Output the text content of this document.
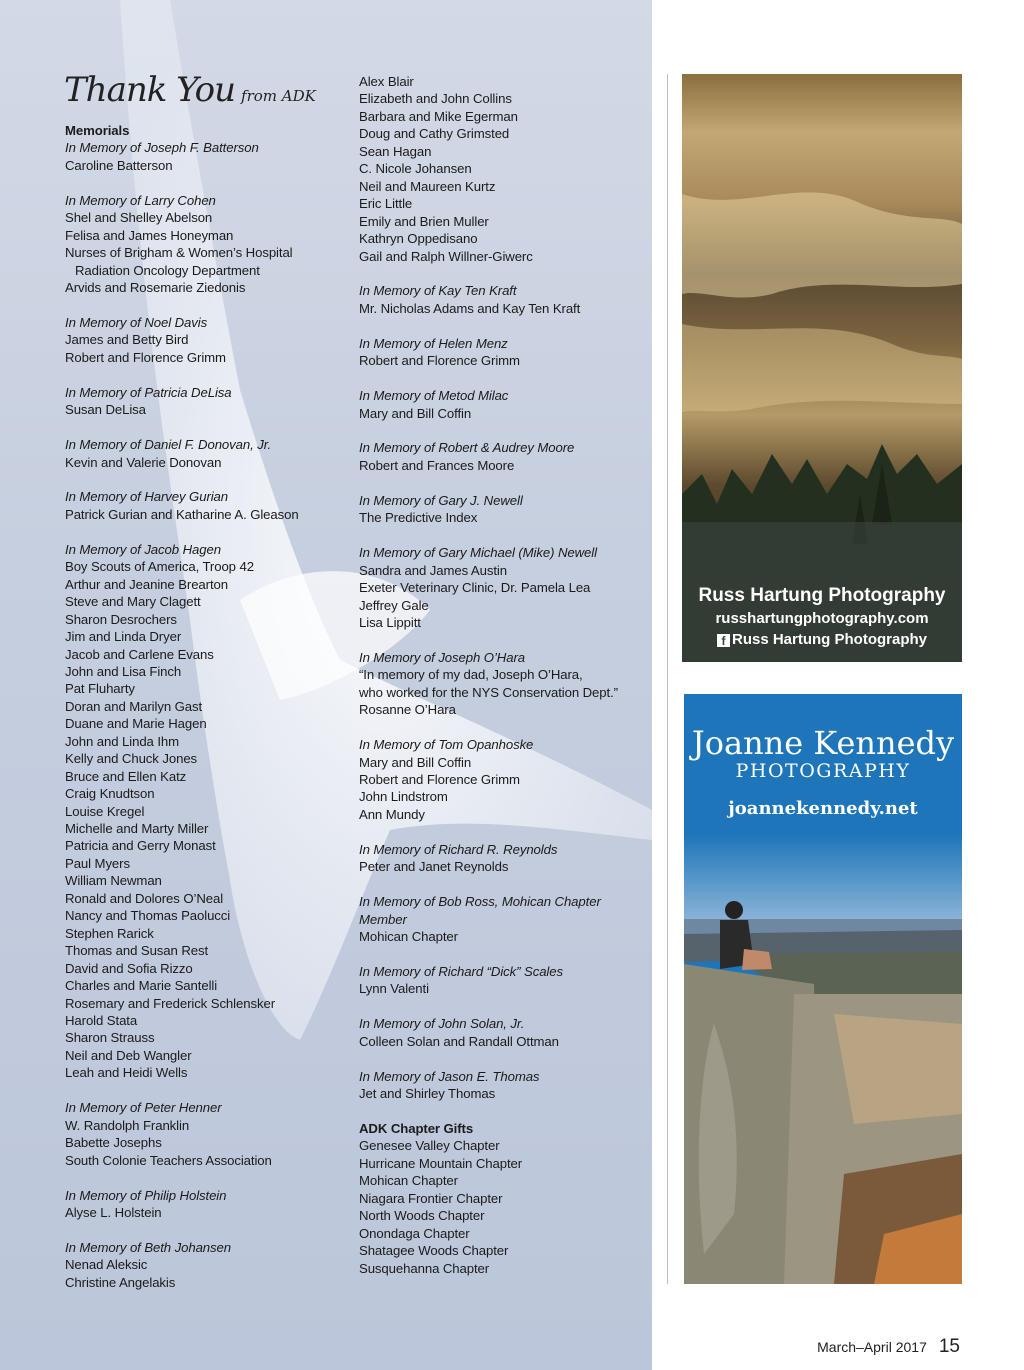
Thank You from ADK
Memorials
In Memory of Joseph F. Batterson
Caroline Batterson
In Memory of Larry Cohen
Shel and Shelley Abelson
Felisa and James Honeyman
Nurses of Brigham & Women’s Hospital
Radiation Oncology Department
Arvids and Rosemarie Ziedonis
In Memory of Noel Davis
James and Betty Bird
Robert and Florence Grimm
In Memory of Patricia DeLisa
Susan DeLisa
In Memory of Daniel F. Donovan, Jr.
Kevin and Valerie Donovan
In Memory of Harvey Gurian
Patrick Gurian and Katharine A. Gleason
In Memory of Jacob Hagen
Boy Scouts of America, Troop 42
Arthur and Jeanine Brearton
Steve and Mary Clagett
Sharon Desrochers
Jim and Linda Dryer
Jacob and Carlene Evans
John and Lisa Finch
Pat Fluharty
Doran and Marilyn Gast
Duane and Marie Hagen
John and Linda Ihm
Kelly and Chuck Jones
Bruce and Ellen Katz
Craig Knudtson
Louise Kregel
Michelle and Marty Miller
Patricia and Gerry Monast
Paul Myers
William Newman
Ronald and Dolores O’Neal
Nancy and Thomas Paolucci
Stephen Rarick
Thomas and Susan Rest
David and Sofia Rizzo
Charles and Marie Santelli
Rosemary and Frederick Schlensker
Harold Stata
Sharon Strauss
Neil and Deb Wangler
Leah and Heidi Wells
In Memory of Peter Henner
W. Randolph Franklin
Babette Josephs
South Colonie Teachers Association
In Memory of Philip Holstein
Alyse L. Holstein
In Memory of Beth Johansen
Nenad Aleksic
Christine Angelakis
Alex Blair
Elizabeth and John Collins
Barbara and Mike Egerman
Doug and Cathy Grimsted
Sean Hagan
C. Nicole Johansen
Neil and Maureen Kurtz
Eric Little
Emily and Brien Muller
Kathryn Oppedisano
Gail and Ralph Willner-Giwerc
In Memory of Kay Ten Kraft
Mr. Nicholas Adams and Kay Ten Kraft
In Memory of Helen Menz
Robert and Florence Grimm
In Memory of Metod Milac
Mary and Bill Coffin
In Memory of Robert & Audrey Moore
Robert and Frances Moore
In Memory of Gary J. Newell
The Predictive Index
In Memory of Gary Michael (Mike) Newell
Sandra and James Austin
Exeter Veterinary Clinic, Dr. Pamela Lea
Jeffrey Gale
Lisa Lippitt
In Memory of Joseph O’Hara
“In memory of my dad, Joseph O’Hara,
who worked for the NYS Conservation Dept.”
Rosanne O’Hara
In Memory of Tom Opanhoske
Mary and Bill Coffin
Robert and Florence Grimm
John Lindstrom
Ann Mundy
In Memory of Richard R. Reynolds
Peter and Janet Reynolds
In Memory of Bob Ross, Mohican Chapter
Member
Mohican Chapter
In Memory of Richard “Dick” Scales
Lynn Valenti
In Memory of John Solan, Jr.
Colleen Solan and Randall Ottman
In Memory of Jason E. Thomas
Jet and Shirley Thomas
ADK Chapter Gifts
Genesee Valley Chapter
Hurricane Mountain Chapter
Mohican Chapter
Niagara Frontier Chapter
North Woods Chapter
Onondaga Chapter
Shatagee Woods Chapter
Susquehanna Chapter
Russ Hartung Photography
russhartungphotography.com
f Russ Hartung Photography
Joanne Kennedy
PHOTOGRAPHY
joannekennedy.net
March–April 2017 15
